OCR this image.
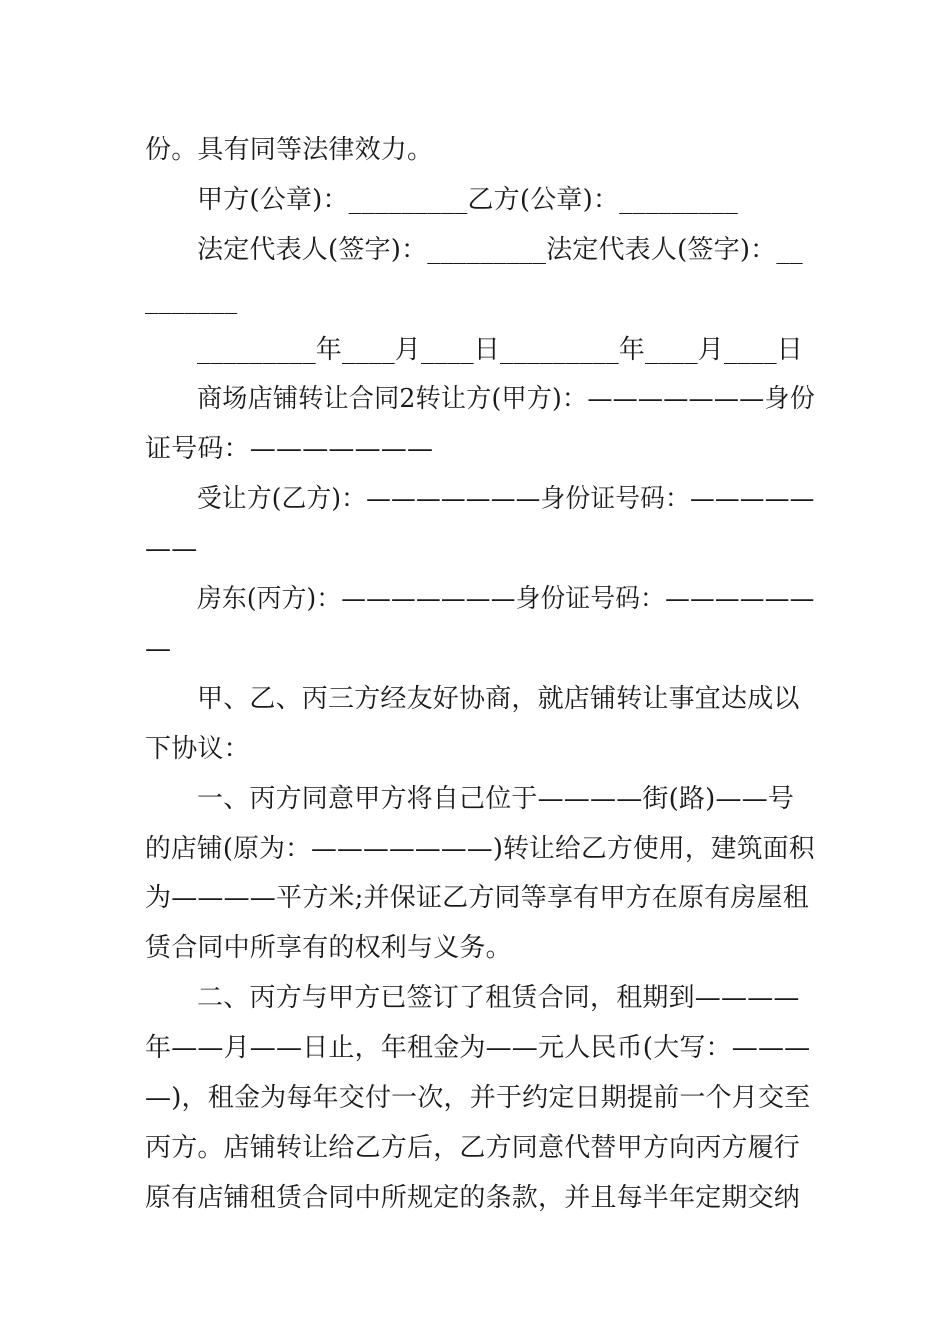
份。具有同等法律效力。

甲方(公章)：_________乙方(公章)：_________

法定代表人(签字)：_________法定代表人(签字)：__

_______

_________年____月____日_________年____月____日

商场店铺转让合同2转让方(甲方)：———————身份

证号码：———————

受让方(乙方)：———————身份证号码：—————

——

房东(丙方)：———————身份证号码：——————

—

甲、乙、丙三方经友好协商，就店铺转让事宜达成以

下协议：

一、丙方同意甲方将自己位于————街(路)——号

的店铺(原为：———————)转让给乙方使用，建筑面积

为————平方米;并保证乙方同等享有甲方在原有房屋租

赁合同中所享有的权利与义务。

二、丙方与甲方已签订了租赁合同，租期到————

年——月——日止，年租金为——元人民币(大写：———

—)，租金为每年交付一次，并于约定日期提前一个月交至

丙方。店铺转让给乙方后，乙方同意代替甲方向丙方履行

原有店铺租赁合同中所规定的条款，并且每半年定期交纳
